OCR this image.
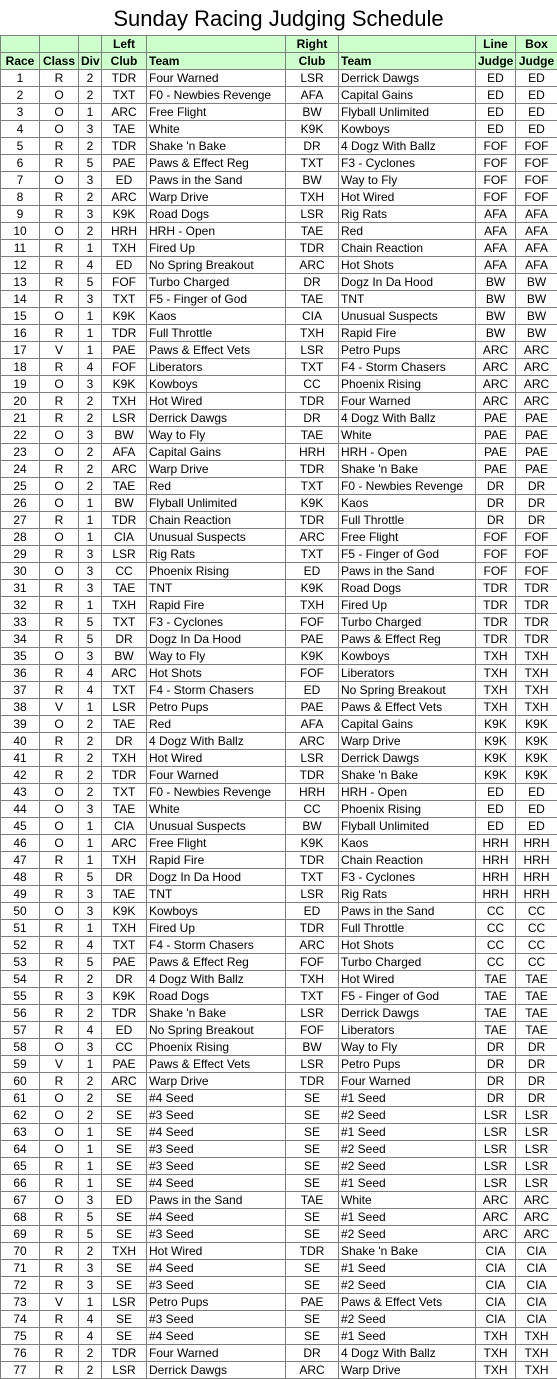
Sunday Racing Judging Schedule
			Left		Right		Line	Box
Race	Class	Div	Club	Team	Club	Team	Judge	Judge
1	R	2	TDR	Four Warned	LSR	Derrick Dawgs	ED	ED
2	O	2	TXT	F0 - Newbies Revenge	AFA	Capital Gains	ED	ED
3	O	1	ARC	Free Flight	BW	Flyball Unlimited	ED	ED
4	O	3	TAE	White	K9K	Kowboys	ED	ED
5	R	2	TDR	Shake 'n Bake	DR	4 Dogz With Ballz	FOF	FOF
6	R	5	PAE	Paws & Effect Reg	TXT	F3 - Cyclones	FOF	FOF
7	O	3	ED	Paws in the Sand	BW	Way to Fly	FOF	FOF
8	R	2	ARC	Warp Drive	TXH	Hot Wired	FOF	FOF
9	R	3	K9K	Road Dogs	LSR	Rig Rats	AFA	AFA
10	O	2	HRH	HRH - Open	TAE	Red	AFA	AFA
11	R	1	TXH	Fired Up	TDR	Chain Reaction	AFA	AFA
12	R	4	ED	No Spring Breakout	ARC	Hot Shots	AFA	AFA
13	R	5	FOF	Turbo Charged	DR	Dogz In Da Hood	BW	BW
14	R	3	TXT	F5 - Finger of God	TAE	TNT	BW	BW
15	O	1	K9K	Kaos	CIA	Unusual Suspects	BW	BW
16	R	1	TDR	Full Throttle	TXH	Rapid Fire	BW	BW
17	V	1	PAE	Paws & Effect Vets	LSR	Petro Pups	ARC	ARC
18	R	4	FOF	Liberators	TXT	F4 - Storm Chasers	ARC	ARC
19	O	3	K9K	Kowboys	CC	Phoenix Rising	ARC	ARC
20	R	2	TXH	Hot Wired	TDR	Four Warned	ARC	ARC
21	R	2	LSR	Derrick Dawgs	DR	4 Dogz With Ballz	PAE	PAE
22	O	3	BW	Way to Fly	TAE	White	PAE	PAE
23	O	2	AFA	Capital Gains	HRH	HRH - Open	PAE	PAE
24	R	2	ARC	Warp Drive	TDR	Shake 'n Bake	PAE	PAE
25	O	2	TAE	Red	TXT	F0 - Newbies Revenge	DR	DR
26	O	1	BW	Flyball Unlimited	K9K	Kaos	DR	DR
27	R	1	TDR	Chain Reaction	TDR	Full Throttle	DR	DR
28	O	1	CIA	Unusual Suspects	ARC	Free Flight	FOF	FOF
29	R	3	LSR	Rig Rats	TXT	F5 - Finger of God	FOF	FOF
30	O	3	CC	Phoenix Rising	ED	Paws in the Sand	FOF	FOF
31	R	3	TAE	TNT	K9K	Road Dogs	TDR	TDR
32	R	1	TXH	Rapid Fire	TXH	Fired Up	TDR	TDR
33	R	5	TXT	F3 - Cyclones	FOF	Turbo Charged	TDR	TDR
34	R	5	DR	Dogz In Da Hood	PAE	Paws & Effect Reg	TDR	TDR
35	O	3	BW	Way to Fly	K9K	Kowboys	TXH	TXH
36	R	4	ARC	Hot Shots	FOF	Liberators	TXH	TXH
37	R	4	TXT	F4 - Storm Chasers	ED	No Spring Breakout	TXH	TXH
38	V	1	LSR	Petro Pups	PAE	Paws & Effect Vets	TXH	TXH
39	O	2	TAE	Red	AFA	Capital Gains	K9K	K9K
40	R	2	DR	4 Dogz With Ballz	ARC	Warp Drive	K9K	K9K
41	R	2	TXH	Hot Wired	LSR	Derrick Dawgs	K9K	K9K
42	R	2	TDR	Four Warned	TDR	Shake 'n Bake	K9K	K9K
43	O	2	TXT	F0 - Newbies Revenge	HRH	HRH - Open	ED	ED
44	O	3	TAE	White	CC	Phoenix Rising	ED	ED
45	O	1	CIA	Unusual Suspects	BW	Flyball Unlimited	ED	ED
46	O	1	ARC	Free Flight	K9K	Kaos	HRH	HRH
47	R	1	TXH	Rapid Fire	TDR	Chain Reaction	HRH	HRH
48	R	5	DR	Dogz In Da Hood	TXT	F3 - Cyclones	HRH	HRH
49	R	3	TAE	TNT	LSR	Rig Rats	HRH	HRH
50	O	3	K9K	Kowboys	ED	Paws in the Sand	CC	CC
51	R	1	TXH	Fired Up	TDR	Full Throttle	CC	CC
52	R	4	TXT	F4 - Storm Chasers	ARC	Hot Shots	CC	CC
53	R	5	PAE	Paws & Effect Reg	FOF	Turbo Charged	CC	CC
54	R	2	DR	4 Dogz With Ballz	TXH	Hot Wired	TAE	TAE
55	R	3	K9K	Road Dogs	TXT	F5 - Finger of God	TAE	TAE
56	R	2	TDR	Shake 'n Bake	LSR	Derrick Dawgs	TAE	TAE
57	R	4	ED	No Spring Breakout	FOF	Liberators	TAE	TAE
58	O	3	CC	Phoenix Rising	BW	Way to Fly	DR	DR
59	V	1	PAE	Paws & Effect Vets	LSR	Petro Pups	DR	DR
60	R	2	ARC	Warp Drive	TDR	Four Warned	DR	DR
61	O	2	SE	#4 Seed	SE	#1 Seed	DR	DR
62	O	2	SE	#3 Seed	SE	#2 Seed	LSR	LSR
63	O	1	SE	#4 Seed	SE	#1 Seed	LSR	LSR
64	O	1	SE	#3 Seed	SE	#2 Seed	LSR	LSR
65	R	1	SE	#3 Seed	SE	#2 Seed	LSR	LSR
66	R	1	SE	#4 Seed	SE	#1 Seed	LSR	LSR
67	O	3	ED	Paws in the Sand	TAE	White	ARC	ARC
68	R	5	SE	#4 Seed	SE	#1 Seed	ARC	ARC
69	R	5	SE	#3 Seed	SE	#2 Seed	ARC	ARC
70	R	2	TXH	Hot Wired	TDR	Shake 'n Bake	CIA	CIA
71	R	3	SE	#4 Seed	SE	#1 Seed	CIA	CIA
72	R	3	SE	#3 Seed	SE	#2 Seed	CIA	CIA
73	V	1	LSR	Petro Pups	PAE	Paws & Effect Vets	CIA	CIA
74	R	4	SE	#3 Seed	SE	#2 Seed	CIA	CIA
75	R	4	SE	#4 Seed	SE	#1 Seed	TXH	TXH
76	R	2	TDR	Four Warned	DR	4 Dogz With Ballz	TXH	TXH
77	R	2	LSR	Derrick Dawgs	ARC	Warp Drive	TXH	TXH
